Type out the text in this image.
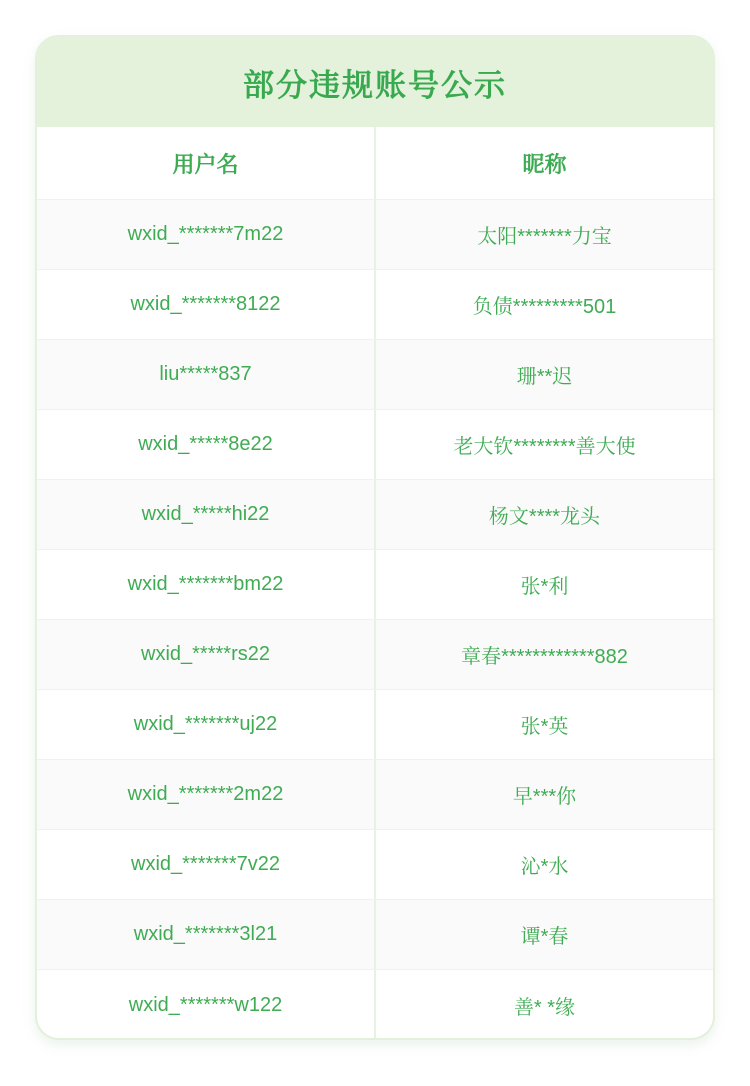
部分违规账号公示
用户名	昵称
wxid_*******7m22	太阳*******力宝
wxid_*******8122	负债*********501
liu*****837	珊**迟
wxid_*****8e22	老大钦********善大使
wxid_*****hi22	杨文****龙头
wxid_*******bm22	张*利
wxid_*****rs22	章春************882
wxid_*******uj22	张*英
wxid_*******2m22	早***你
wxid_*******7v22	沁*水
wxid_*******3l21	谭*春
wxid_*******w122	善* *缘
